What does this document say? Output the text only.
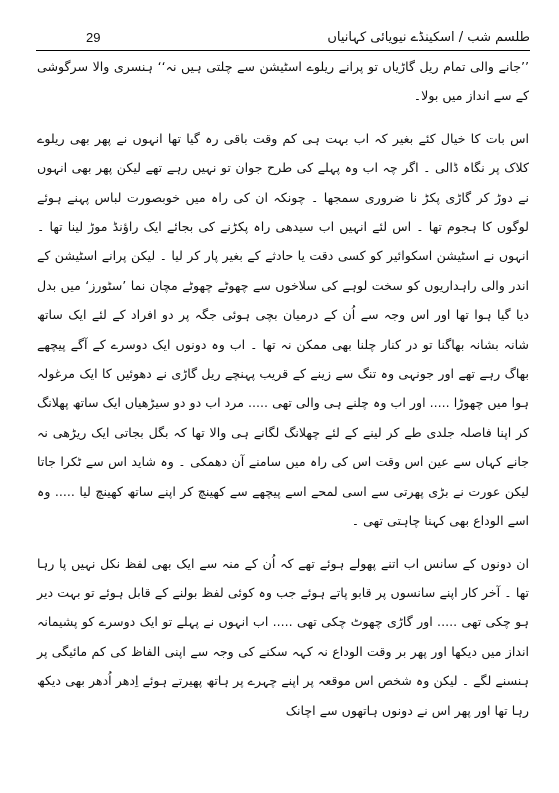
29	طلسم شب / اسکینڈے نیویائی کہانیاں

’’جانے والی تمام ریل گاڑیاں تو پرانے ریلوے اسٹیشن سے چلتی ہیں نہ‘‘ ہنسری والا سرگوشی کے سے انداز میں بولا۔

اس بات کا خیال کئے بغیر کہ اب بہت ہی کم وقت باقی رہ گیا تھا انہوں نے پھر بھی ریلوے کلاک پر نگاہ ڈالی ۔ اگر چہ اب وہ پہلے کی طرح جوان تو نہیں رہے تھے لیکن پھر بھی انہوں نے دوڑ کر گاڑی پکڑ نا ضروری سمجھا ۔ چونکہ ان کی راہ میں خوبصورت لباس پہنے ہوئے لوگوں کا ہجوم تھا ۔ اس لئے انہیں اب سیدھی راہ پکڑنے کی بجائے ایک راؤنڈ موڑ لینا تھا ۔ انہوں نے اسٹیشن اسکوائیر کو کسی دقت یا حادثے کے بغیر پار کر لیا ۔ لیکن پرانے اسٹیشن کے اندر والی راہداریوں کو سخت لوہے کی سلاخوں سے چھوٹے چھوٹے مچان نما ’سٹورز‘ میں بدل دیا گیا ہوا تھا اور اس وجہ سے اُن کے درمیان بچی ہوئی جگہ پر دو افراد کے لئے ایک ساتھ شانہ بشانہ بھاگنا تو در کنار چلنا بھی ممکن نہ تھا ۔ اب وہ دونوں ایک دوسرے کے آگے پیچھے بھاگ رہے تھے اور جونہی وہ تنگ سے زینے کے قریب پہنچے ریل گاڑی نے دھوئیں کا ایک مرغولہ ہوا میں چھوڑا ..... اور اب وہ چلنے ہی والی تھی ..... مرد اب دو دو سیڑھیاں ایک ساتھ پھلانگ کر اپنا فاصلہ جلدی طے کر لینے کے لئے چھلانگ لگانے ہی والا تھا کہ بگل بجاتی ایک ریڑھی نہ جانے کہاں سے عین اس وقت اس کی راہ میں سامنے آن دھمکی ۔ وہ شاید اس سے ٹکرا جاتا لیکن عورت نے بڑی پھرتی سے اسی لمحے اسے پیچھے سے کھینچ کر اپنے ساتھ کھینچ لیا ..... وہ اسے الوداع بھی کہنا چاہتی تھی ۔

ان دونوں کے سانس اب اتنے پھولے ہوئے تھے کہ اُن کے منہ سے ایک بھی لفظ نکل نہیں پا رہا تھا ۔ آخر کار اپنے سانسوں پر قابو پاتے ہوئے جب وہ کوئی لفظ بولنے کے قابل ہوئے تو بہت دیر ہو چکی تھی ..... اور گاڑی چھوٹ چکی تھی ..... اب انہوں نے پہلے تو ایک دوسرے کو پشیمانہ انداز میں دیکھا اور پھر بر وقت الوداع نہ کہہ سکنے کی وجہ سے اپنی الفاظ کی کم مائیگی پر ہنسنے لگے ۔ لیکن وہ شخص اس موقعہ پر اپنے چہرے پر ہاتھ پھیرتے ہوئے اِدھر اُدھر بھی دیکھ رہا تھا اور پھر اس نے دونوں ہاتھوں سے اچانک
